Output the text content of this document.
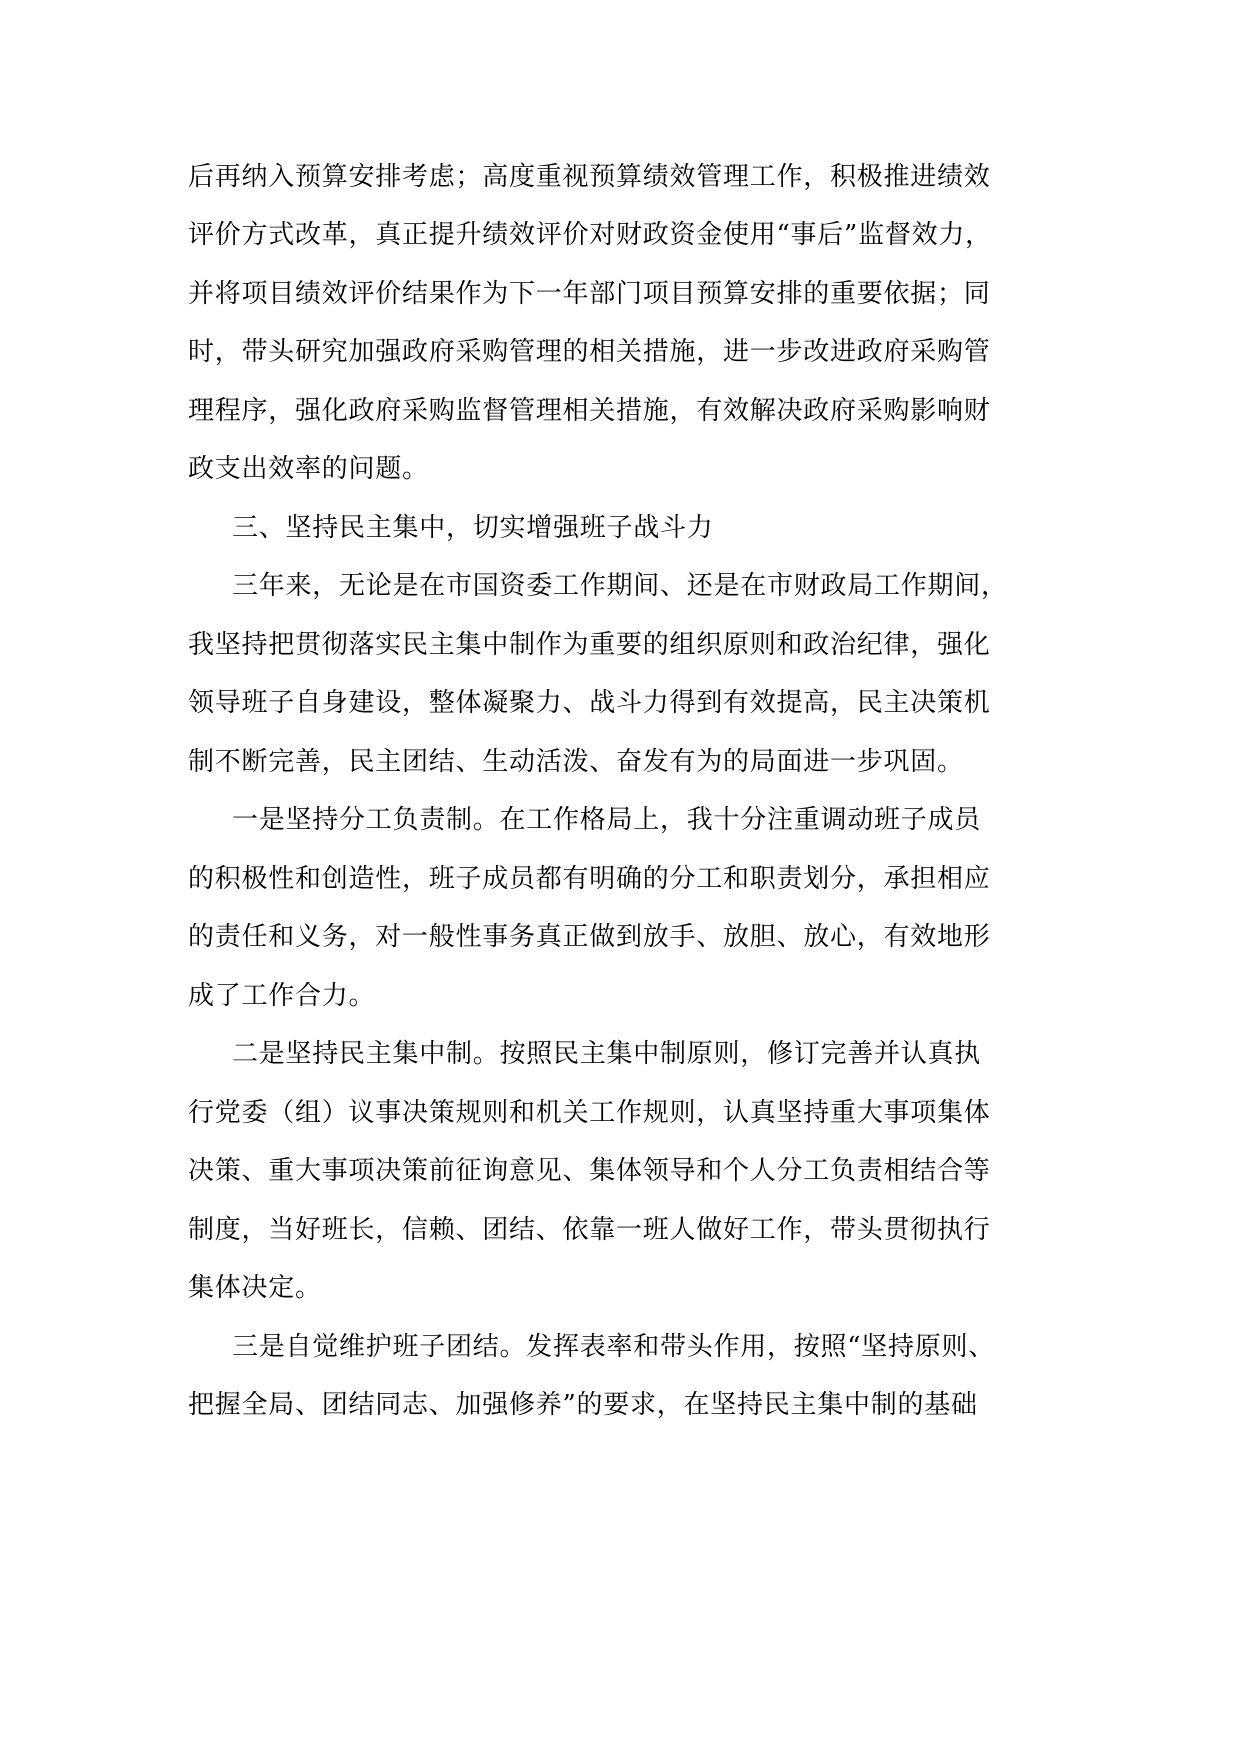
后再纳入预算安排考虑；高度重视预算绩效管理工作，积极推进绩效
评价方式改革，真正提升绩效评价对财政资金使用“事后”监督效力，
并将项目绩效评价结果作为下一年部门项目预算安排的重要依据；同
时，带头研究加强政府采购管理的相关措施，进一步改进政府采购管
理程序，强化政府采购监督管理相关措施，有效解决政府采购影响财
政支出效率的问题。
三、坚持民主集中，切实增强班子战斗力
三年来，无论是在市国资委工作期间、还是在市财政局工作期间，
我坚持把贯彻落实民主集中制作为重要的组织原则和政治纪律，强化
领导班子自身建设，整体凝聚力、战斗力得到有效提高，民主决策机
制不断完善，民主团结、生动活泼、奋发有为的局面进一步巩固。
一是坚持分工负责制。在工作格局上，我十分注重调动班子成员
的积极性和创造性，班子成员都有明确的分工和职责划分，承担相应
的责任和义务，对一般性事务真正做到放手、放胆、放心，有效地形
成了工作合力。
二是坚持民主集中制。按照民主集中制原则，修订完善并认真执
行党委（组）议事决策规则和机关工作规则，认真坚持重大事项集体
决策、重大事项决策前征询意见、集体领导和个人分工负责相结合等
制度，当好班长，信赖、团结、依靠一班人做好工作，带头贯彻执行
集体决定。
三是自觉维护班子团结。发挥表率和带头作用，按照“坚持原则、
把握全局、团结同志、加强修养”的要求，在坚持民主集中制的基础
